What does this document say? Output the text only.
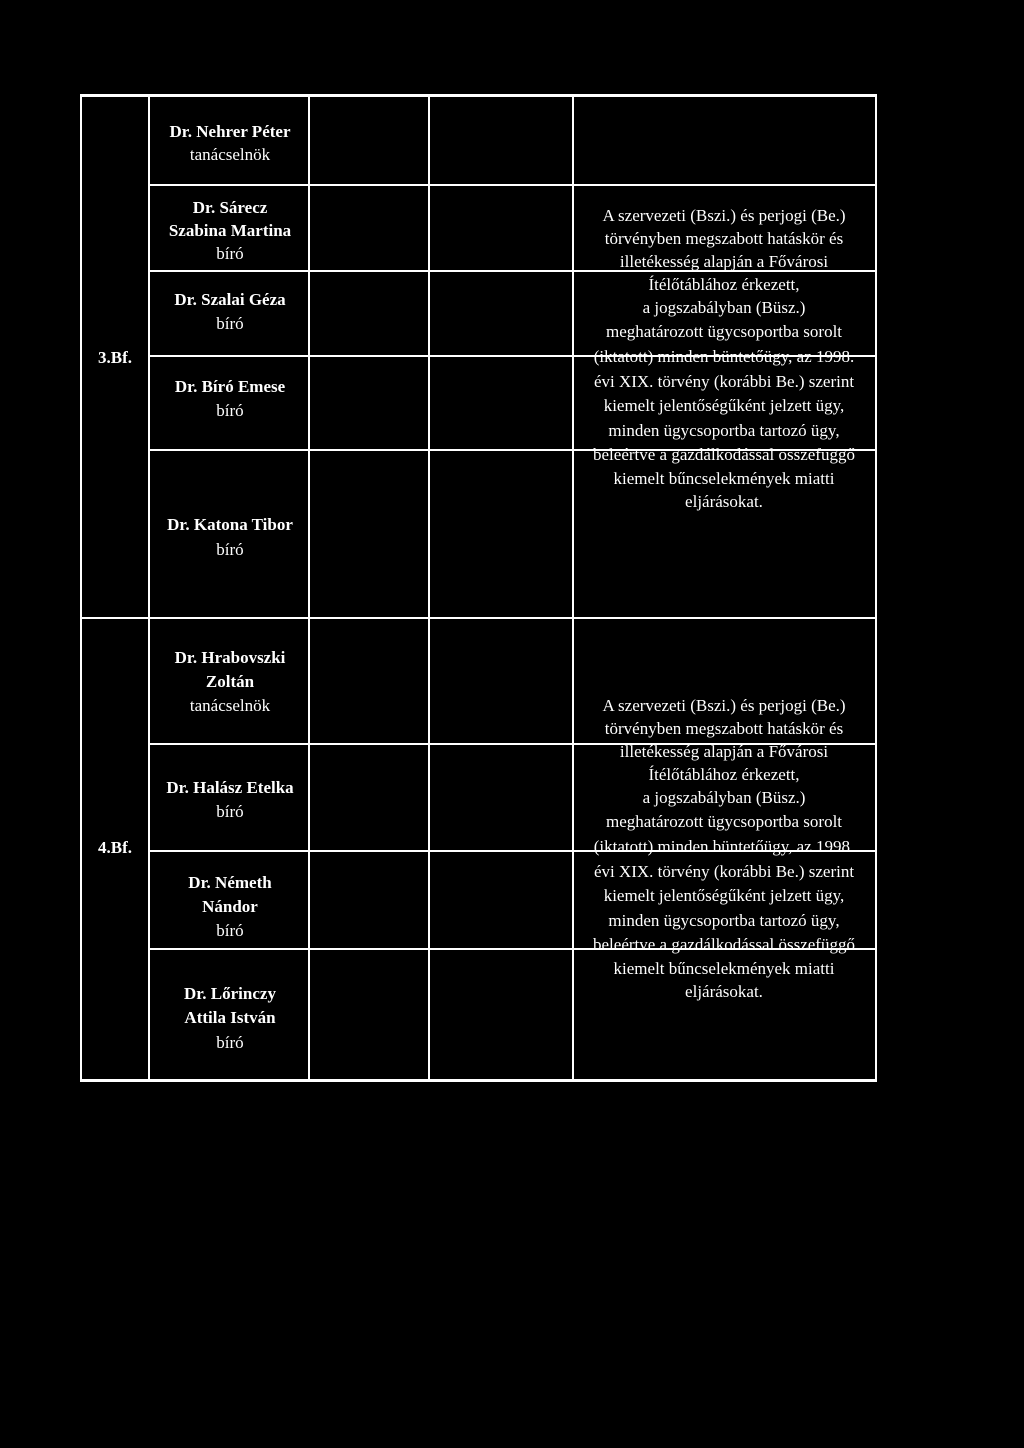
3.Bf.
Dr. Nehrer Péter
tanácselnök
Dr. Sárecz
Szabina Martina
bíró
Dr. Szalai Géza
bíró
Dr. Bíró Emese
bíró
Dr. Katona Tibor
bíró
A szervezeti (Bszi.) és perjogi (Be.)
törvényben megszabott hatáskör és
illetékesség alapján a Fővárosi
Ítélőtáblához érkezett,
a jogszabályban (Büsz.)
meghatározott ügycsoportba sorolt
(iktatott) minden büntetőügy, az 1998.
évi XIX. törvény (korábbi Be.) szerint
kiemelt jelentőségűként jelzett ügy,
minden ügycsoportba tartozó ügy,
beleértve a gazdálkodással összefüggő
kiemelt bűncselekmények miatti
eljárásokat.
4.Bf.
Dr. Hrabovszki
Zoltán
tanácselnök
Dr. Halász Etelka
bíró
Dr. Németh
Nándor
bíró
Dr. Lőrinczy
Attila István
bíró
A szervezeti (Bszi.) és perjogi (Be.)
törvényben megszabott hatáskör és
illetékesség alapján a Fővárosi
Ítélőtáblához érkezett,
a jogszabályban (Büsz.)
meghatározott ügycsoportba sorolt
(iktatott) minden büntetőügy, az 1998.
évi XIX. törvény (korábbi Be.) szerint
kiemelt jelentőségűként jelzett ügy,
minden ügycsoportba tartozó ügy,
beleértve a gazdálkodással összefüggő
kiemelt bűncselekmények miatti
eljárásokat.
